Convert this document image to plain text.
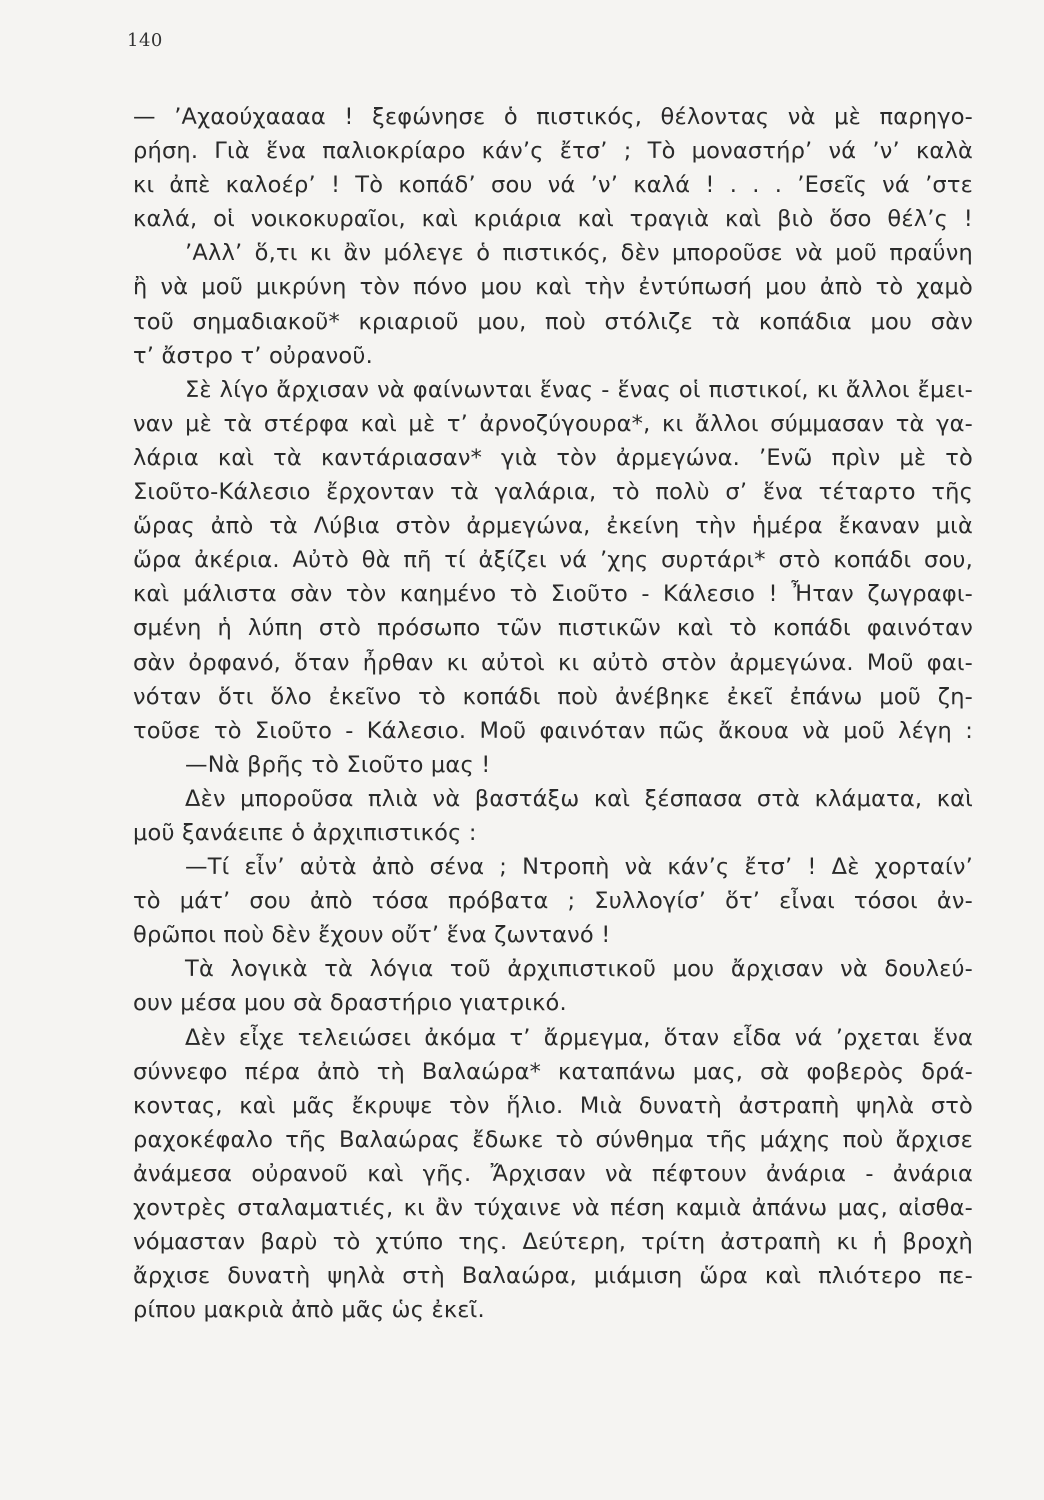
140
— ’Αχαούχαααα ! ξεφώνησε ὁ πιστικός, θέλοντας νὰ μὲ παρηγο-
ρήση. Γιὰ ἕνα παλιοκρίαρο κάν’ς ἔτσ’ ; Τὸ μοναστήρ’ νά ’ν’ καλὰ
κι ἀπὲ καλοέρ’ ! Τὸ κοπάδ’ σου νά ’ν’ καλά ! . . . ’Εσεῖς νά ’στε
καλά, οἱ νοικοκυραῖοι, καὶ κριάρια καὶ τραγιὰ καὶ βιὸ ὅσο θέλ’ς !
’Αλλ’ ὅ,τι κι ἂν μόλεγε ὁ πιστικός, δὲν μποροῦσε νὰ μοῦ πραΰνη
ἢ νὰ μοῦ μικρύνη τὸν πόνο μου καὶ τὴν ἐντύπωσή μου ἀπὸ τὸ χαμὸ
τοῦ σημαδιακοῦ* κριαριοῦ μου, ποὺ στόλιζε τὰ κοπάδια μου σὰν
τ’ ἄστρο τ’ οὐρανοῦ.
Σὲ λίγο ἄρχισαν νὰ φαίνωνται ἕνας - ἕνας οἱ πιστικοί, κι ἄλλοι ἔμει-
ναν μὲ τὰ στέρφα καὶ μὲ τ’ ἀρνοζύγουρα*, κι ἄλλοι σύμμασαν τὰ γα-
λάρια καὶ τὰ καντάριασαν* γιὰ τὸν ἀρμεγώνα. ’Ενῶ πρὶν μὲ τὸ
Σιοῦτο-Κάλεσιο ἔρχονταν τὰ γαλάρια, τὸ πολὺ σ’ ἕνα τέταρτο τῆς
ὥρας ἀπὸ τὰ Λύβια στὸν ἀρμεγώνα, ἐκείνη τὴν ἡμέρα ἔκαναν μιὰ
ὥρα ἀκέρια. Αὐτὸ θὰ πῆ τί ἀξίζει νά ’χης συρτάρι* στὸ κοπάδι σου,
καὶ μάλιστα σὰν τὸν καημένο τὸ Σιοῦτο - Κάλεσιο ! Ἦταν ζωγραφι-
σμένη ἡ λύπη στὸ πρόσωπο τῶν πιστικῶν καὶ τὸ κοπάδι φαινόταν
σὰν ὀρφανό, ὅταν ἦρθαν κι αὐτοὶ κι αὐτὸ στὸν ἀρμεγώνα. Μοῦ φαι-
νόταν ὅτι ὅλο ἐκεῖνο τὸ κοπάδι ποὺ ἀνέβηκε ἐκεῖ ἐπάνω μοῦ ζη-
τοῦσε τὸ Σιοῦτο - Κάλεσιο. Μοῦ φαινόταν πῶς ἄκουα νὰ μοῦ λέγη :
—Νὰ βρῆς τὸ Σιοῦτο μας !
Δὲν μποροῦσα πλιὰ νὰ βαστάξω καὶ ξέσπασα στὰ κλάματα, καὶ
μοῦ ξανάειπε ὁ ἀρχιπιστικός :
—Τί εἶν’ αὐτὰ ἀπὸ σένα ; Ντροπὴ νὰ κάν’ς ἔτσ’ ! Δὲ χορταίν’
τὸ μάτ’ σου ἀπὸ τόσα πρόβατα ; Συλλογίσ’ ὅτ’ εἶναι τόσοι ἀν-
θρῶποι ποὺ δὲν ἔχουν οὔτ’ ἕνα ζωντανό !
Τὰ λογικὰ τὰ λόγια τοῦ ἀρχιπιστικοῦ μου ἄρχισαν νὰ δουλεύ-
ουν μέσα μου σὰ δραστήριο γιατρικό.
Δὲν εἶχε τελειώσει ἀκόμα τ’ ἄρμεγμα, ὅταν εἶδα νά ’ρχεται ἕνα
σύννεφο πέρα ἀπὸ τὴ Βαλαώρα* καταπάνω μας, σὰ φοβερὸς δρά-
κοντας, καὶ μᾶς ἔκρυψε τὸν ἥλιο. Μιὰ δυνατὴ ἀστραπὴ ψηλὰ στὸ
ραχοκέφαλο τῆς Βαλαώρας ἔδωκε τὸ σύνθημα τῆς μάχης ποὺ ἄρχισε
ἀνάμεσα οὐρανοῦ καὶ γῆς. Ἄρχισαν νὰ πέφτουν ἀνάρια - ἀνάρια
χοντρὲς σταλαματιές, κι ἂν τύχαινε νὰ πέση καμιὰ ἀπάνω μας, αἰσθα-
νόμασταν βαρὺ τὸ χτύπο της. Δεύτερη, τρίτη ἀστραπὴ κι ἡ βροχὴ
ἄρχισε δυνατὴ ψηλὰ στὴ Βαλαώρα, μιάμιση ὥρα καὶ πλιότερο πε-
ρίπου μακριὰ ἀπὸ μᾶς ὡς ἐκεῖ.
